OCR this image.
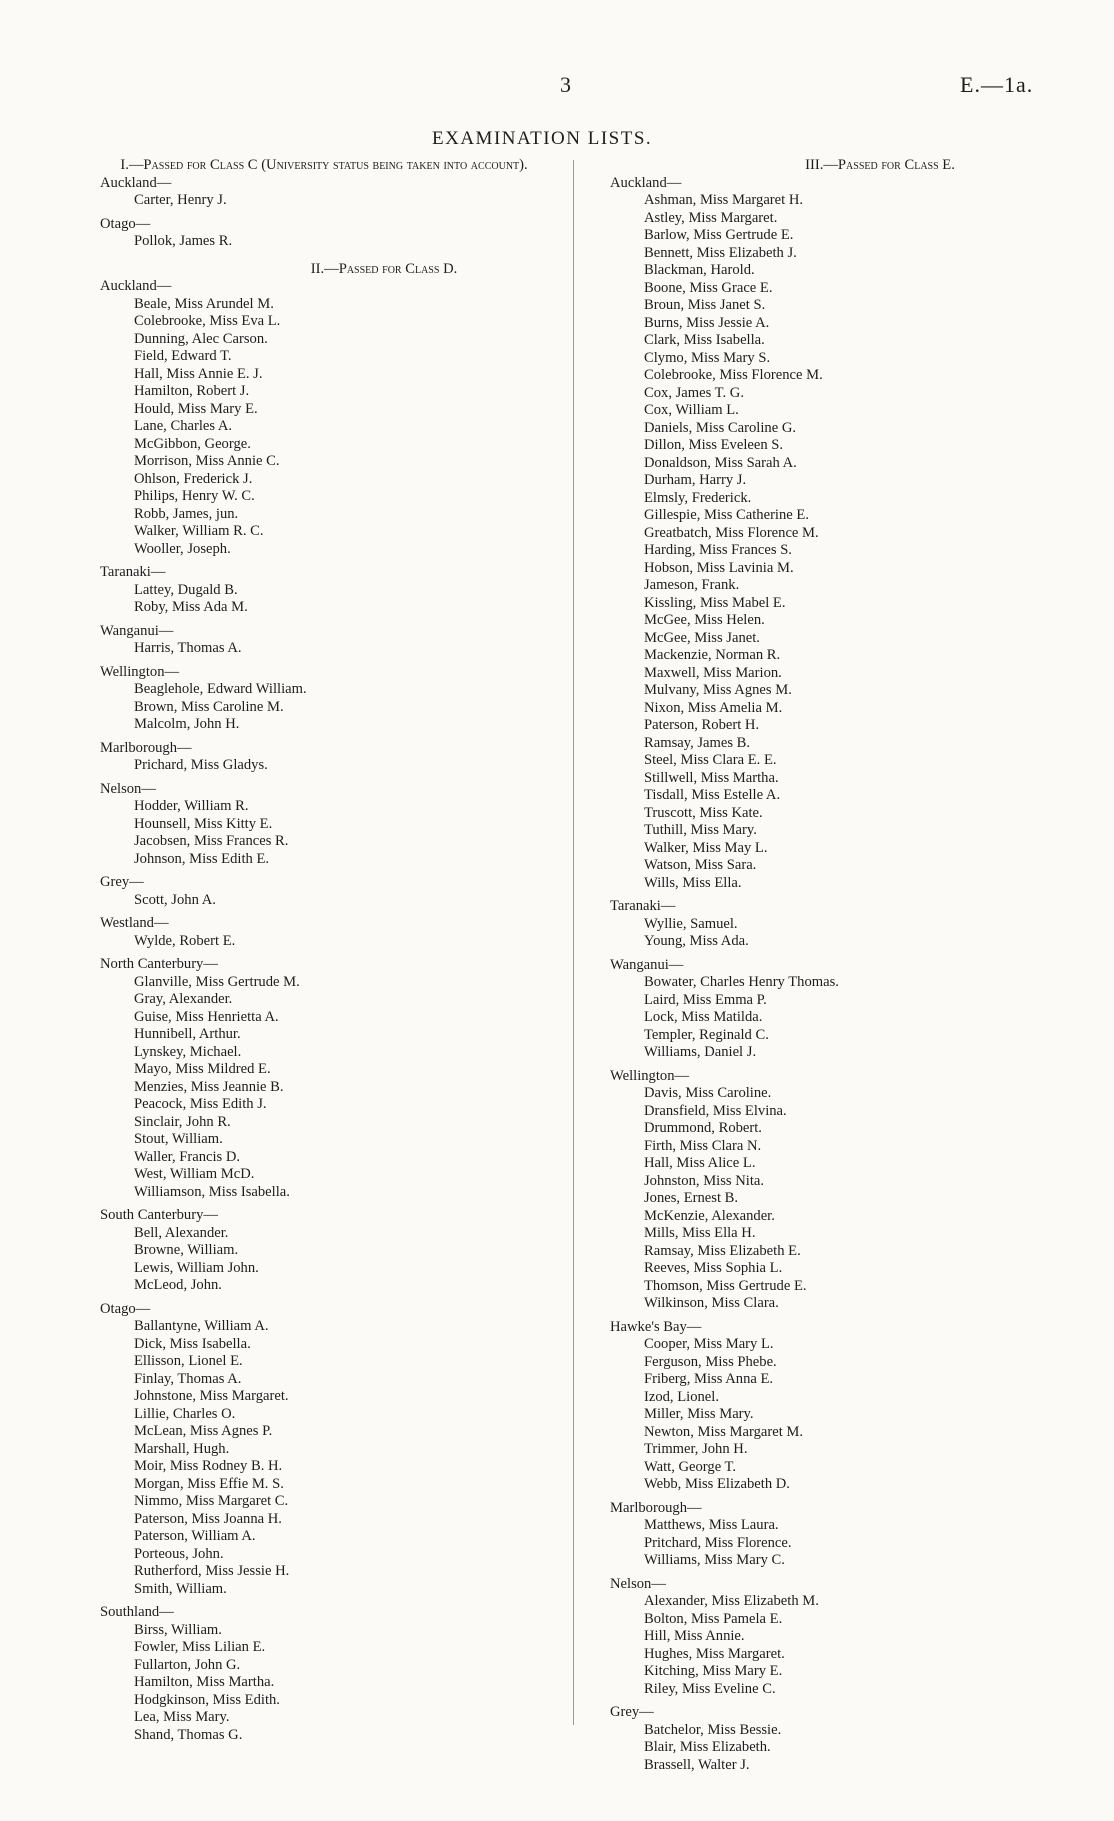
3	E.—1a.
EXAMINATION LISTS.
I.—Passed for Class C (University status being taken into account).
Auckland—
Carter, Henry J.
Otago—
Pollok, James R.
II.—Passed for Class D.
Auckland—
Beale, Miss Arundel M.
Colebrooke, Miss Eva L.
Dunning, Alec Carson.
Field, Edward T.
Hall, Miss Annie E. J.
Hamilton, Robert J.
Hould, Miss Mary E.
Lane, Charles A.
McGibbon, George.
Morrison, Miss Annie C.
Ohlson, Frederick J.
Philips, Henry W. C.
Robb, James, jun.
Walker, William R. C.
Wooller, Joseph.
Taranaki—
Lattey, Dugald B.
Roby, Miss Ada M.
Wanganui—
Harris, Thomas A.
Wellington—
Beaglehole, Edward William.
Brown, Miss Caroline M.
Malcolm, John H.
Marlborough—
Prichard, Miss Gladys.
Nelson—
Hodder, William R.
Hounsell, Miss Kitty E.
Jacobsen, Miss Frances R.
Johnson, Miss Edith E.
Grey—
Scott, John A.
Westland—
Wylde, Robert E.
North Canterbury—
Glanville, Miss Gertrude M.
Gray, Alexander.
Guise, Miss Henrietta A.
Hunnibell, Arthur.
Lynskey, Michael.
Mayo, Miss Mildred E.
Menzies, Miss Jeannie B.
Peacock, Miss Edith J.
Sinclair, John R.
Stout, William.
Waller, Francis D.
West, William McD.
Williamson, Miss Isabella.
South Canterbury—
Bell, Alexander.
Browne, William.
Lewis, William John.
McLeod, John.
Otago—
Ballantyne, William A.
Dick, Miss Isabella.
Ellisson, Lionel E.
Finlay, Thomas A.
Johnstone, Miss Margaret.
Lillie, Charles O.
McLean, Miss Agnes P.
Marshall, Hugh.
Moir, Miss Rodney B. H.
Morgan, Miss Effie M. S.
Nimmo, Miss Margaret C.
Paterson, Miss Joanna H.
Paterson, William A.
Porteous, John.
Rutherford, Miss Jessie H.
Smith, William.
Southland—
Birss, William.
Fowler, Miss Lilian E.
Fullarton, John G.
Hamilton, Miss Martha.
Hodgkinson, Miss Edith.
Lea, Miss Mary.
Shand, Thomas G.
III.—Passed for Class E.
Auckland—
Ashman, Miss Margaret H.
Astley, Miss Margaret.
Barlow, Miss Gertrude E.
Bennett, Miss Elizabeth J.
Blackman, Harold.
Boone, Miss Grace E.
Broun, Miss Janet S.
Burns, Miss Jessie A.
Clark, Miss Isabella.
Clymo, Miss Mary S.
Colebrooke, Miss Florence M.
Cox, James T. G.
Cox, William L.
Daniels, Miss Caroline G.
Dillon, Miss Eveleen S.
Donaldson, Miss Sarah A.
Durham, Harry J.
Elmsly, Frederick.
Gillespie, Miss Catherine E.
Greatbatch, Miss Florence M.
Harding, Miss Frances S.
Hobson, Miss Lavinia M.
Jameson, Frank.
Kissling, Miss Mabel E.
McGee, Miss Helen.
McGee, Miss Janet.
Mackenzie, Norman R.
Maxwell, Miss Marion.
Mulvany, Miss Agnes M.
Nixon, Miss Amelia M.
Paterson, Robert H.
Ramsay, James B.
Steel, Miss Clara E. E.
Stillwell, Miss Martha.
Tisdall, Miss Estelle A.
Truscott, Miss Kate.
Tuthill, Miss Mary.
Walker, Miss May L.
Watson, Miss Sara.
Wills, Miss Ella.
Taranaki—
Wyllie, Samuel.
Young, Miss Ada.
Wanganui—
Bowater, Charles Henry Thomas.
Laird, Miss Emma P.
Lock, Miss Matilda.
Templer, Reginald C.
Williams, Daniel J.
Wellington—
Davis, Miss Caroline.
Dransfield, Miss Elvina.
Drummond, Robert.
Firth, Miss Clara N.
Hall, Miss Alice L.
Johnston, Miss Nita.
Jones, Ernest B.
McKenzie, Alexander.
Mills, Miss Ella H.
Ramsay, Miss Elizabeth E.
Reeves, Miss Sophia L.
Thomson, Miss Gertrude E.
Wilkinson, Miss Clara.
Hawke's Bay—
Cooper, Miss Mary L.
Ferguson, Miss Phebe.
Friberg, Miss Anna E.
Izod, Lionel.
Miller, Miss Mary.
Newton, Miss Margaret M.
Trimmer, John H.
Watt, George T.
Webb, Miss Elizabeth D.
Marlborough—
Matthews, Miss Laura.
Pritchard, Miss Florence.
Williams, Miss Mary C.
Nelson—
Alexander, Miss Elizabeth M.
Bolton, Miss Pamela E.
Hill, Miss Annie.
Hughes, Miss Margaret.
Kitching, Miss Mary E.
Riley, Miss Eveline C.
Grey—
Batchelor, Miss Bessie.
Blair, Miss Elizabeth.
Brassell, Walter J.
